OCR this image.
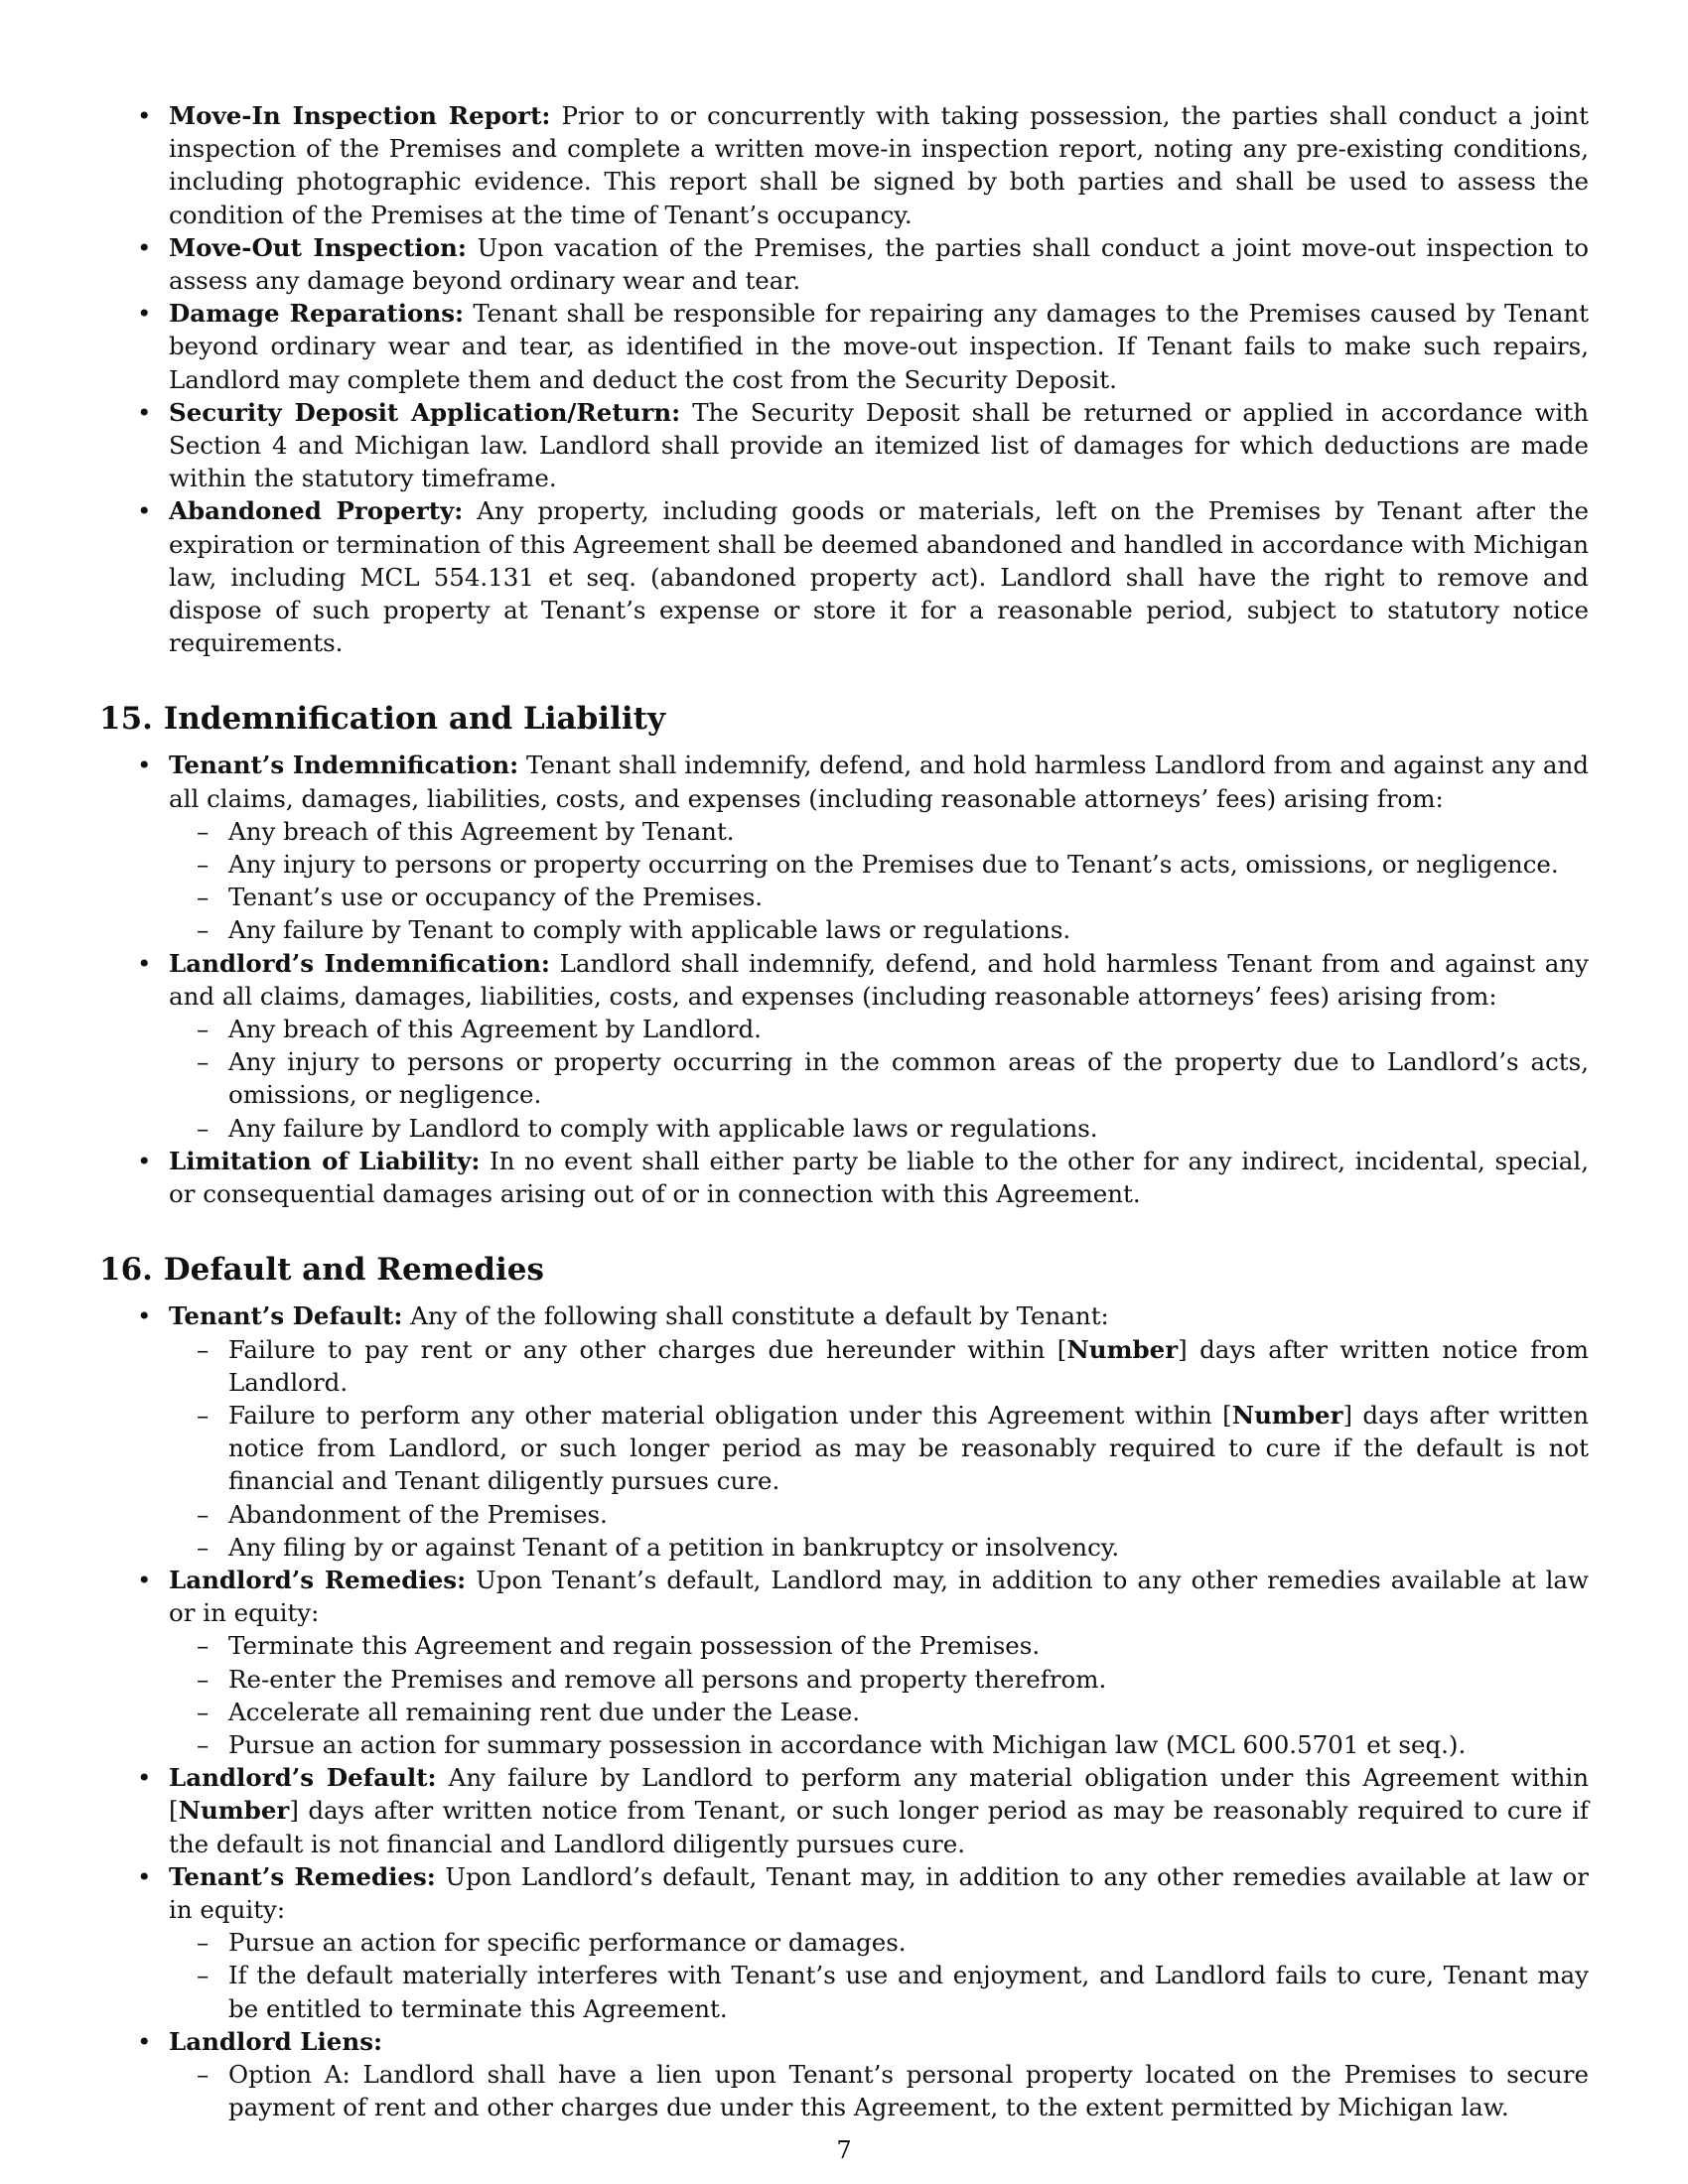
• Move-In Inspection Report: Prior to or concurrently with taking possession, the parties shall conduct a joint inspection of the Premises and complete a written move-in inspection report, noting any pre-existing conditions, including photographic evidence. This report shall be signed by both parties and shall be used to assess the condition of the Premises at the time of Tenant’s occupancy.
• Move-Out Inspection: Upon vacation of the Premises, the parties shall conduct a joint move-out inspection to assess any damage beyond ordinary wear and tear.
• Damage Reparations: Tenant shall be responsible for repairing any damages to the Premises caused by Tenant beyond ordinary wear and tear, as identified in the move-out inspection. If Tenant fails to make such repairs, Landlord may complete them and deduct the cost from the Security Deposit.
• Security Deposit Application/Return: The Security Deposit shall be returned or applied in accordance with Section 4 and Michigan law. Landlord shall provide an itemized list of damages for which deductions are made within the statutory timeframe.
• Abandoned Property: Any property, including goods or materials, left on the Premises by Tenant after the expiration or termination of this Agreement shall be deemed abandoned and handled in accordance with Michigan law, including MCL 554.131 et seq. (abandoned property act). Landlord shall have the right to remove and dispose of such property at Tenant’s expense or store it for a reasonable period, subject to statutory notice requirements.
15. Indemnification and Liability
• Tenant’s Indemnification: Tenant shall indemnify, defend, and hold harmless Landlord from and against any and all claims, damages, liabilities, costs, and expenses (including reasonable attorneys’ fees) arising from:
– Any breach of this Agreement by Tenant.
– Any injury to persons or property occurring on the Premises due to Tenant’s acts, omissions, or negligence.
– Tenant’s use or occupancy of the Premises.
– Any failure by Tenant to comply with applicable laws or regulations.
• Landlord’s Indemnification: Landlord shall indemnify, defend, and hold harmless Tenant from and against any and all claims, damages, liabilities, costs, and expenses (including reasonable attorneys’ fees) arising from:
– Any breach of this Agreement by Landlord.
– Any injury to persons or property occurring in the common areas of the property due to Landlord’s acts, omissions, or negligence.
– Any failure by Landlord to comply with applicable laws or regulations.
• Limitation of Liability: In no event shall either party be liable to the other for any indirect, incidental, special, or consequential damages arising out of or in connection with this Agreement.
16. Default and Remedies
• Tenant’s Default: Any of the following shall constitute a default by Tenant:
– Failure to pay rent or any other charges due hereunder within [Number] days after written notice from Landlord.
– Failure to perform any other material obligation under this Agreement within [Number] days after written notice from Landlord, or such longer period as may be reasonably required to cure if the default is not financial and Tenant diligently pursues cure.
– Abandonment of the Premises.
– Any filing by or against Tenant of a petition in bankruptcy or insolvency.
• Landlord’s Remedies: Upon Tenant’s default, Landlord may, in addition to any other remedies available at law or in equity:
– Terminate this Agreement and regain possession of the Premises.
– Re-enter the Premises and remove all persons and property therefrom.
– Accelerate all remaining rent due under the Lease.
– Pursue an action for summary possession in accordance with Michigan law (MCL 600.5701 et seq.).
• Landlord’s Default: Any failure by Landlord to perform any material obligation under this Agreement within [Number] days after written notice from Tenant, or such longer period as may be reasonably required to cure if the default is not financial and Landlord diligently pursues cure.
• Tenant’s Remedies: Upon Landlord’s default, Tenant may, in addition to any other remedies available at law or in equity:
– Pursue an action for specific performance or damages.
– If the default materially interferes with Tenant’s use and enjoyment, and Landlord fails to cure, Tenant may be entitled to terminate this Agreement.
• Landlord Liens:
– Option A: Landlord shall have a lien upon Tenant’s personal property located on the Premises to secure payment of rent and other charges due under this Agreement, to the extent permitted by Michigan law.
7
